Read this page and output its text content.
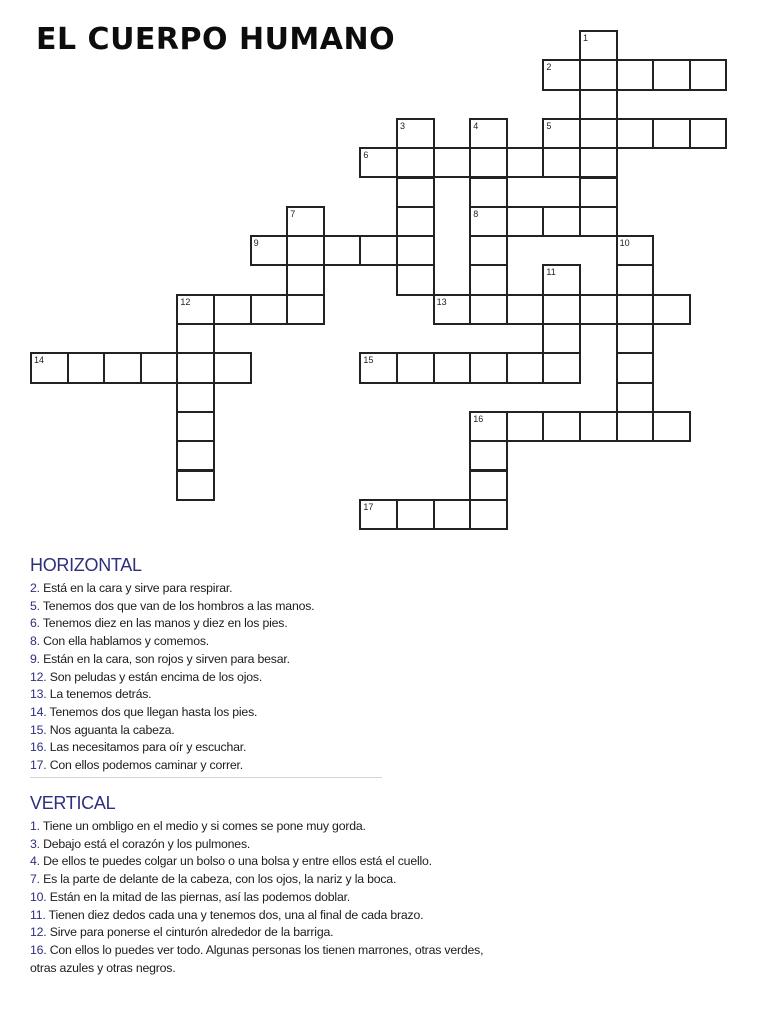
EL CUERPO HUMANO	1
2
3	4	5
6
7	8
9	10
11
12	13
14	15
16
17
HORIZONTAL
2. Está en la cara y sirve para respirar.
5. Tenemos dos que van de los hombros a las manos.
6. Tenemos diez en las manos y diez en los pies.
8. Con ella hablamos y comemos.
9. Están en la cara, son rojos y sirven para besar.
12. Son peludas y están encima de los ojos.
13. La tenemos detrás.
14. Tenemos dos que llegan hasta los pies.
15. Nos aguanta la cabeza.
16. Las necesitamos para oír y escuchar.
17. Con ellos podemos caminar y correr.
VERTICAL
1. Tiene un ombligo en el medio y si comes se pone muy gorda.
3. Debajo está el corazón y los pulmones.
4. De ellos te puedes colgar un bolso o una bolsa y entre ellos está el cuello.
7. Es la parte de delante de la cabeza, con los ojos, la nariz y la boca.
10. Están en la mitad de las piernas, así las podemos doblar.
11. Tienen diez dedos cada una y tenemos dos, una al final de cada brazo.
12. Sirve para ponerse el cinturón alrededor de la barriga.
16. Con ellos lo puedes ver todo. Algunas personas los tienen marrones, otras verdes, otras azules y otras negros.
